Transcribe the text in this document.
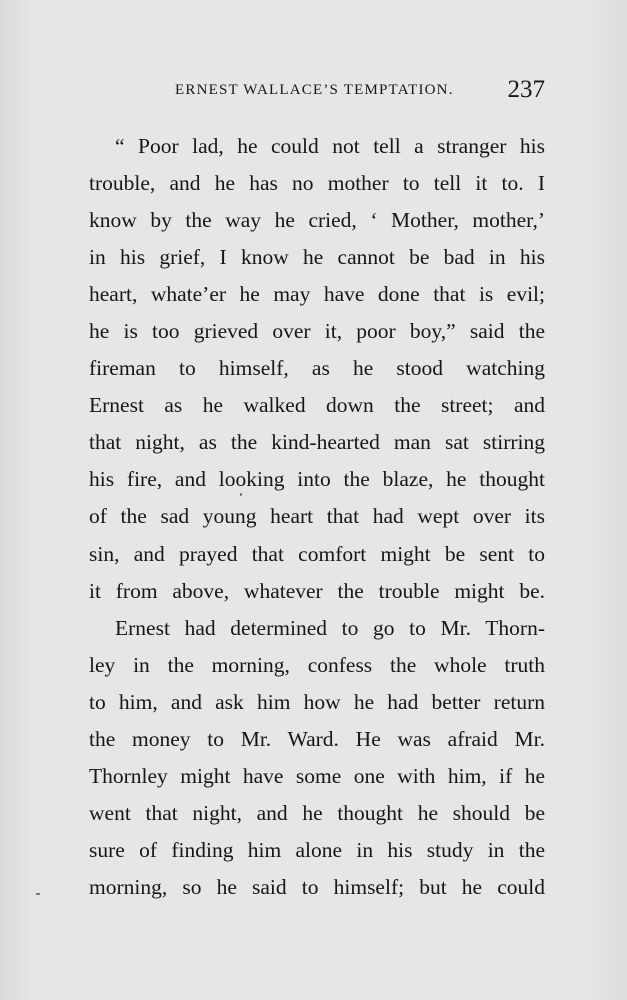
ERNEST WALLACE’S TEMPTATION. 237
“ Poor lad, he could not tell a stranger his
trouble, and he has no mother to tell it to. I
know by the way he cried, ‘ Mother, mother,’
in his grief, I know he cannot be bad in his
heart, whate’er he may have done that is evil;
he is too grieved over it, poor boy,” said the
fireman to himself, as he stood watching
Ernest as he walked down the street; and
that night, as the kind-hearted man sat stirring
his fire, and looking into the blaze, he thought
of the sad young heart that had wept over its
sin, and prayed that comfort might be sent to
it from above, whatever the trouble might be.
Ernest had determined to go to Mr. Thorn-
ley in the morning, confess the whole truth
to him, and ask him how he had better return
the money to Mr. Ward. He was afraid Mr.
Thornley might have some one with him, if he
went that night, and he thought he should be
sure of finding him alone in his study in the
morning, so he said to himself; but he could
